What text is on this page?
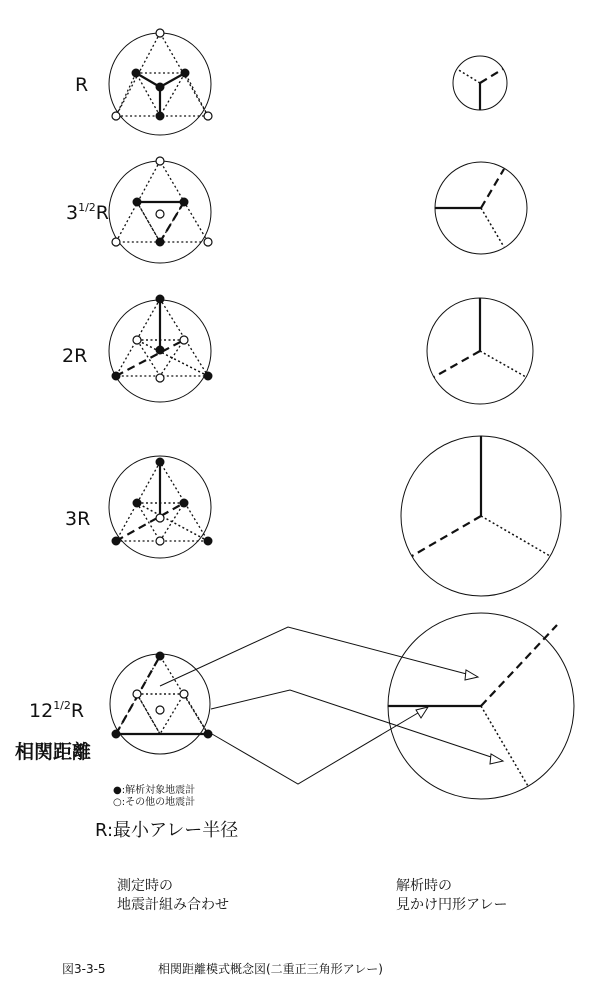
R
$3^{1/2}R$
2R
3R
$12^{1/2}R$
相関距離
●:解析対象地震計
○:その他の地震計
R:最小アレー半径
測定時の
地震計組み合わせ
解析時の
見かけ円形アレー
図3-3-5	相関距離模式概念図(二重正三角形アレー)
